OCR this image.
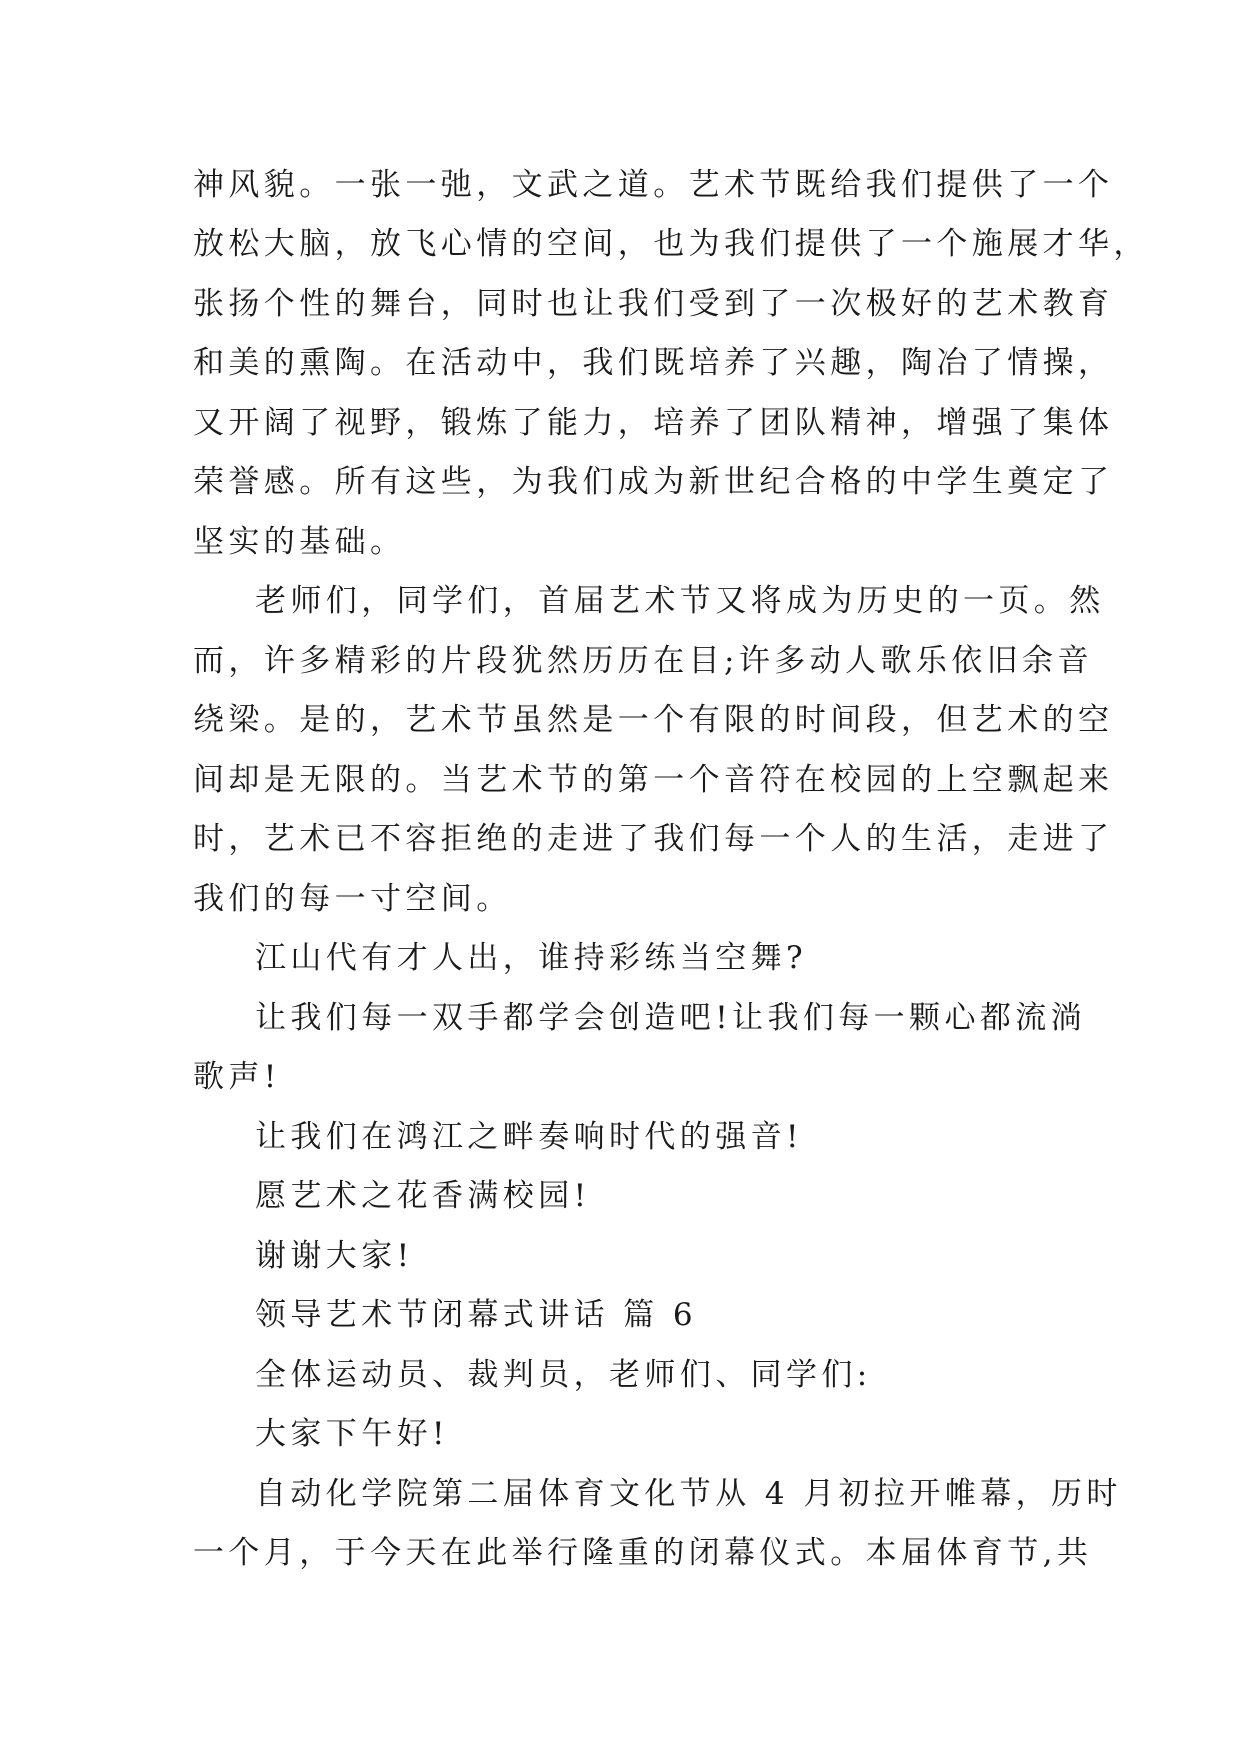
神风貌。一张一弛，文武之道。艺术节既给我们提供了一个

放松大脑，放飞心情的空间，也为我们提供了一个施展才华，

张扬个性的舞台，同时也让我们受到了一次极好的艺术教育

和美的熏陶。在活动中，我们既培养了兴趣，陶冶了情操，

又开阔了视野，锻炼了能力，培养了团队精神，增强了集体

荣誉感。所有这些，为我们成为新世纪合格的中学生奠定了

坚实的基础。

老师们，同学们，首届艺术节又将成为历史的一页。然

而，许多精彩的片段犹然历历在目;许多动人歌乐依旧余音

绕梁。是的，艺术节虽然是一个有限的时间段，但艺术的空

间却是无限的。当艺术节的第一个音符在校园的上空飘起来

时，艺术已不容拒绝的走进了我们每一个人的生活，走进了

我们的每一寸空间。

江山代有才人出，谁持彩练当空舞?

让我们每一双手都学会创造吧!让我们每一颗心都流淌

歌声!

让我们在鸿江之畔奏响时代的强音!

愿艺术之花香满校园!

谢谢大家!

领导艺术节闭幕式讲话 篇 6

全体运动员、裁判员，老师们、同学们:

大家下午好!

自动化学院第二届体育文化节从 4 月初拉开帷幕，历时

一个月，于今天在此举行隆重的闭幕仪式。本届体育节,共
